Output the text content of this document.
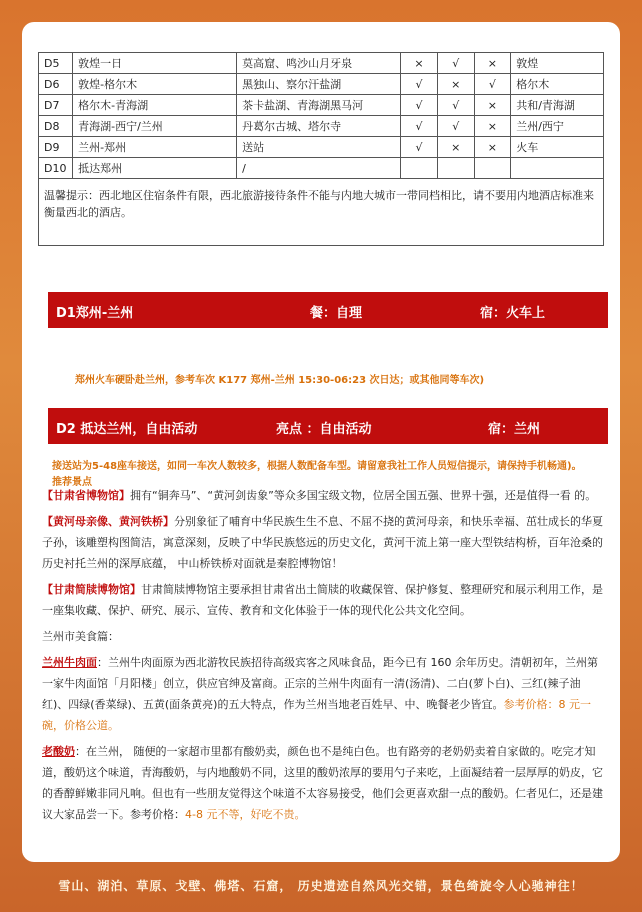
D5	敦煌一日	莫高窟、鸣沙山月牙泉	×	√	×	敦煌
D6	敦煌-格尔木	黑独山、察尔汗盐湖	√	×	√	格尔木
D7	格尔木-青海湖	茶卡盐湖、青海湖黑马河	√	√	×	共和/青海湖
D8	青海湖-西宁/兰州	丹葛尔古城、塔尔寺	√	√	×	兰州/西宁
D9	兰州-郑州	送站	√	×	×	火车
D10	抵达郑州	/				
温馨提示：西北地区住宿条件有限，西北旅游接待条件不能与内地大城市一带同档相比，请不要用内地酒店标准来衡量西北的酒店。						
D1郑州-兰州	餐：自理	宿：火车上
郑州火车硬卧赴兰州，参考车次 K177 郑州-兰州 15:30-06:23 次日达；或其他同等车次)
D2 抵达兰州，自由活动	亮点 ：自由活动	宿：兰州
接送站为5-48座车接送，如同一车次人数较多，根据人数配备车型。请留意我社工作人员短信提示，请保持手机畅通)。
推荐景点

【甘肃省博物馆】拥有“铜奔马”、“黄河剑齿象”等众多国宝级文物，位居全国五强、世界十强，还是值得一看 的。

【黄河母亲像、黄河铁桥】分别象征了哺育中华民族生生不息、不屈不挠的黄河母亲，和快乐幸福、茁壮成长的华夏子孙，该雕塑构图简洁，寓意深刻，反映了中华民族悠远的历史文化，黄河干流上第一座大型铁结构桥，百年沧桑的历史衬托兰州的深厚底蕴， 中山桥铁桥对面就是秦腔博物馆！

【甘肃简牍博物馆】甘肃简牍博物馆主要承担甘肃省出土简牍的收藏保管、保护修复、整理研究和展示利用工作，是一座集收藏、保护、研究、展示、宣传、教育和文化体验于一体的现代化公共文化空间。

兰州市美食篇：

兰州牛肉面：兰州牛肉面原为西北游牧民族招待高级宾客之风味食品，距今已有 160 余年历史。清朝初年，兰州第一家牛肉面馆「月阳楼」创立，供应官绅及富商。正宗的兰州牛肉面有一清(汤清)、二白(萝卜白)、三红(辣子油红)、四绿(香菜绿)、五黄(面条黄亮)的五大特点，作为兰州当地老百姓早、中、晚餐老少皆宜。参考价格：8 元一碗，价格公道。

老酸奶：在兰州， 随便的一家超市里都有酸奶卖，颜色也不是纯白色。也有路旁的老奶奶卖着自家做的。吃完才知道，酸奶这个味道，青海酸奶，与内地酸奶不同，这里的酸奶浓厚的要用勺子来吃，上面凝结着一层厚厚的奶皮，它的香醇鲜嫩非同凡响。但也有一些朋友觉得这个味道不太容易接受，他们会更喜欢甜一点的酸奶。仁者见仁，还是建议大家品尝一下。参考价格：4-8 元不等，好吃不贵。

雪山、湖泊、草原、戈壁、佛塔、石窟， 历史遗迹自然风光交错，景色绮旋令人心驰神往！
